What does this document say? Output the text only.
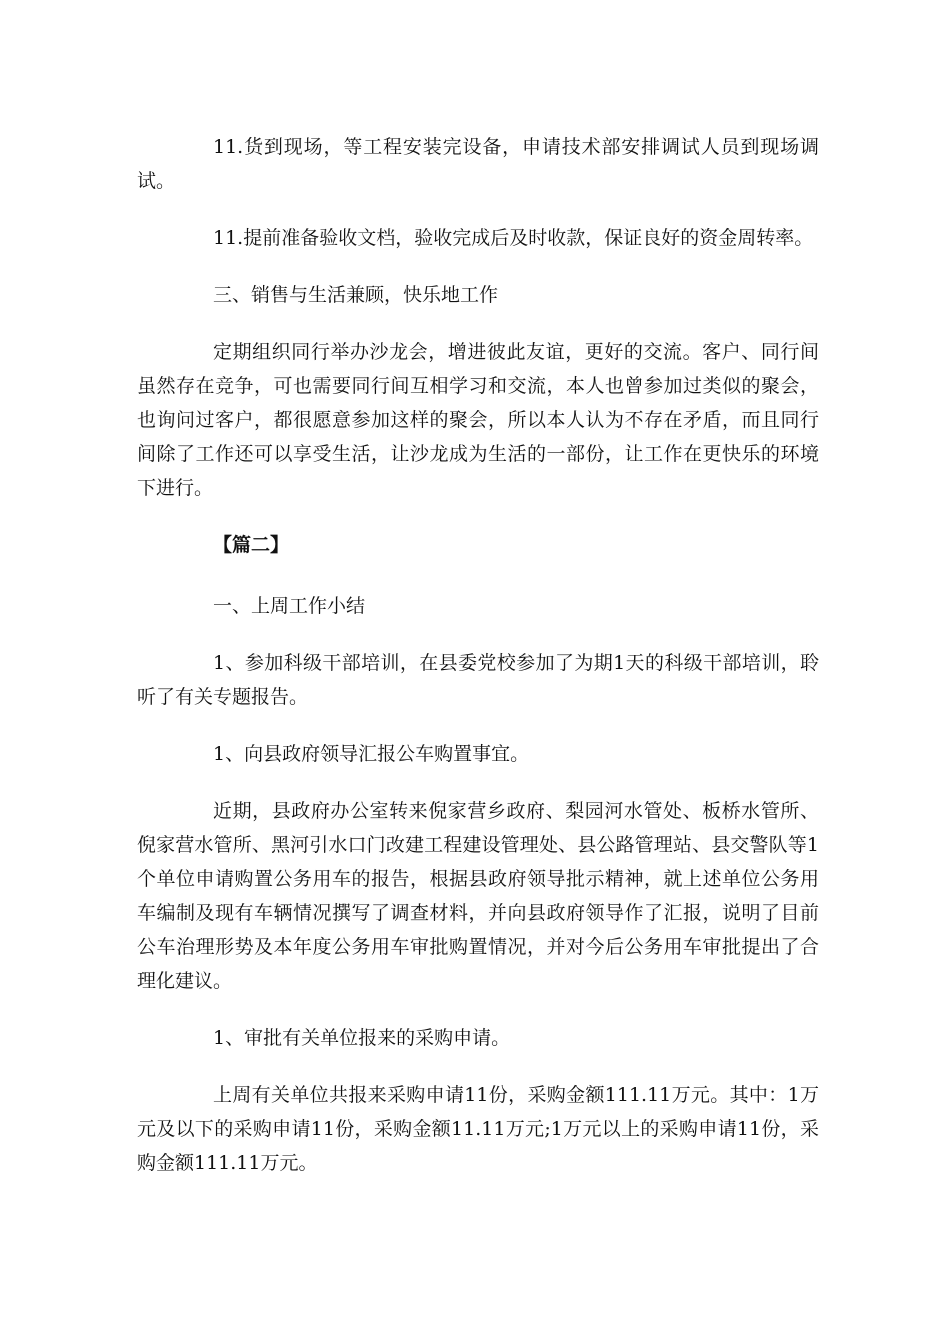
11.货到现场，等工程安装完设备，申请技术部安排调试人员到现场调试。

11.提前准备验收文档，验收完成后及时收款，保证良好的资金周转率。

三、销售与生活兼顾，快乐地工作

定期组织同行举办沙龙会，增进彼此友谊，更好的交流。客户、同行间虽然存在竞争，可也需要同行间互相学习和交流，本人也曾参加过类似的聚会，也询问过客户，都很愿意参加这样的聚会，所以本人认为不存在矛盾，而且同行间除了工作还可以享受生活，让沙龙成为生活的一部份，让工作在更快乐的环境下进行。

【篇二】

一、上周工作小结

1、参加科级干部培训，在县委党校参加了为期1天的科级干部培训，聆听了有关专题报告。

1、向县政府领导汇报公车购置事宜。

近期，县政府办公室转来倪家营乡政府、梨园河水管处、板桥水管所、倪家营水管所、黑河引水口门改建工程建设管理处、县公路管理站、县交警队等1个单位申请购置公务用车的报告，根据县政府领导批示精神，就上述单位公务用车编制及现有车辆情况撰写了调查材料，并向县政府领导作了汇报，说明了目前公车治理形势及本年度公务用车审批购置情况，并对今后公务用车审批提出了合理化建议。

1、审批有关单位报来的采购申请。

上周有关单位共报来采购申请11份，采购金额111.11万元。其中：1万元及以下的采购申请11份，采购金额11.11万元;1万元以上的采购申请11份，采购金额111.11万元。
